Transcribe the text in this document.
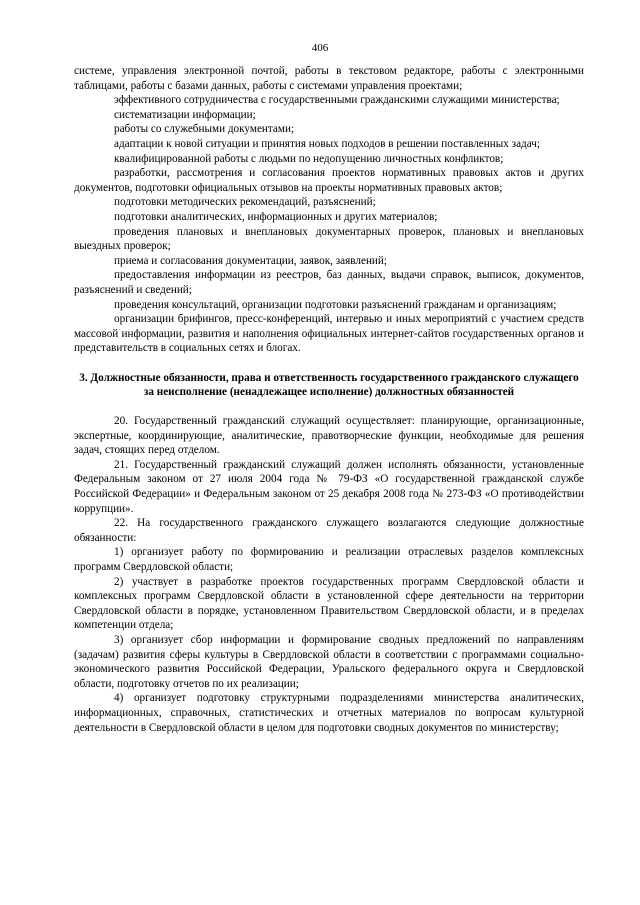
406

системе, управления электронной почтой, работы в текстовом редакторе, работы с электронными таблицами, работы с базами данных, работы с системами управления проектами;

эффективного сотрудничества с государственными гражданскими служащими министерства;

систематизации информации;

работы со служебными документами;

адаптации к новой ситуации и принятия новых подходов в решении поставленных задач;

квалифицированной работы с людьми по недопущению личностных конфликтов;

разработки, рассмотрения и согласования проектов нормативных правовых актов и других документов, подготовки официальных отзывов на проекты нормативных правовых актов;

подготовки методических рекомендаций, разъяснений;

подготовки аналитических, информационных и других материалов;

проведения плановых и внеплановых документарных проверок, плановых и внеплановых выездных проверок;

приема и согласования документации, заявок, заявлений;

предоставления информации из реестров, баз данных, выдачи справок, выписок, документов, разъяснений и сведений;

проведения консультаций, организации подготовки разъяснений гражданам и организациям;

организации брифингов, пресс-конференций, интервью и иных мероприятий с участием средств массовой информации, развития и наполнения официальных интернет-сайтов государственных органов и представительств в социальных сетях и блогах.

3. Должностные обязанности, права и ответственность государственного гражданского служащего за неисполнение (ненадлежащее исполнение) должностных обязанностей

20. Государственный гражданский служащий осуществляет: планирующие, организационные, экспертные, координирующие, аналитические, правотворческие функции, необходимые для решения задач, стоящих перед отделом.

21. Государственный гражданский служащий должен исполнять обязанности, установленные Федеральным законом от 27 июля 2004 года № 79-ФЗ «О государственной гражданской службе Российской Федерации» и Федеральным законом от 25 декабря 2008 года № 273-ФЗ «О противодействии коррупции».

22. На государственного гражданского служащего возлагаются следующие должностные обязанности:

1) организует работу по формированию и реализации отраслевых разделов комплексных программ Свердловской области;

2) участвует в разработке проектов государственных программ Свердловской области и комплексных программ Свердловской области в установленной сфере деятельности на территории Свердловской области в порядке, установленном Правительством Свердловской области, и в пределах компетенции отдела;

3) организует сбор информации и формирование сводных предложений по направлениям (задачам) развития сферы культуры в Свердловской области в соответствии с программами социально-экономического развития Российской Федерации, Уральского федерального округа и Свердловской области, подготовку отчетов по их реализации;

4) организует подготовку структурными подразделениями министерства аналитических, информационных, справочных, статистических и отчетных материалов по вопросам культурной деятельности в Свердловской области в целом для подготовки сводных документов по министерству;
